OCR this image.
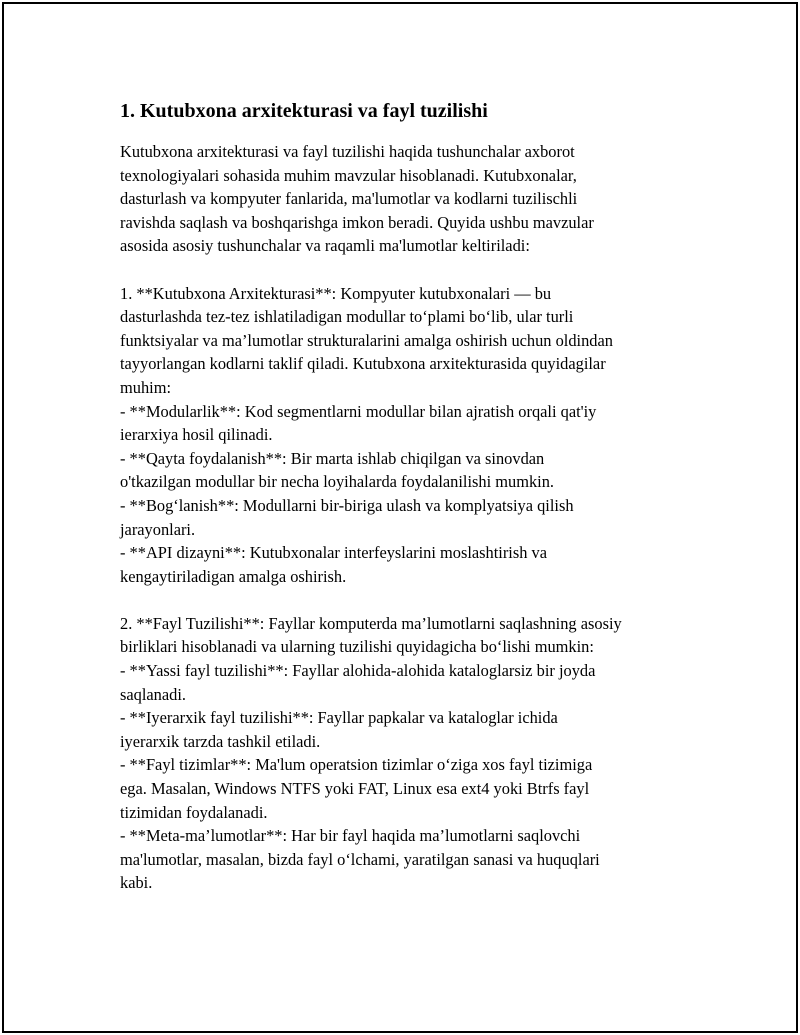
1. Kutubxona arxitekturasi va fayl tuzilishi

Kutubxona arxitekturasi va fayl tuzilishi haqida tushunchalar axborot
texnologiyalari sohasida muhim mavzular hisoblanadi. Kutubxonalar,
dasturlash va kompyuter fanlarida, ma'lumotlar va kodlarni tuzilischli
ravishda saqlash va boshqarishga imkon beradi. Quyida ushbu mavzular
asosida asosiy tushunchalar va raqamli ma'lumotlar keltiriladi:

1. **Kutubxona Arxitekturasi**: Kompyuter kutubxonalari — bu
dasturlashda tez-tez ishlatiladigan modullar to‘plami bo‘lib, ular turli
funktsiyalar va ma’lumotlar strukturalarini amalga oshirish uchun oldindan
tayyorlangan kodlarni taklif qiladi. Kutubxona arxitekturasida quyidagilar
muhim:
- **Modularlik**: Kod segmentlarni modullar bilan ajratish orqali qat'iy
ierarxiya hosil qilinadi.
- **Qayta foydalanish**: Bir marta ishlab chiqilgan va sinovdan
o'tkazilgan modullar bir necha loyihalarda foydalanilishi mumkin.
- **Bog‘lanish**: Modullarni bir-biriga ulash va komplyatsiya qilish
jarayonlari.
- **API dizayni**: Kutubxonalar interfeyslarini moslashtirish va
kengaytiriladigan amalga oshirish.

2. **Fayl Tuzilishi**: Fayllar komputerda ma’lumotlarni saqlashning asosiy
birliklari hisoblanadi va ularning tuzilishi quyidagicha bo‘lishi mumkin:
- **Yassi fayl tuzilishi**: Fayllar alohida-alohida kataloglarsiz bir joyda
saqlanadi.
- **Iyerarxik fayl tuzilishi**: Fayllar papkalar va kataloglar ichida
iyerarxik tarzda tashkil etiladi.
- **Fayl tizimlar**: Ma'lum operatsion tizimlar o‘ziga xos fayl tizimiga
ega. Masalan, Windows NTFS yoki FAT, Linux esa ext4 yoki Btrfs fayl
tizimidan foydalanadi.
- **Meta-ma’lumotlar**: Har bir fayl haqida ma’lumotlarni saqlovchi
ma'lumotlar, masalan, bizda fayl o‘lchami, yaratilgan sanasi va huquqlari
kabi.
